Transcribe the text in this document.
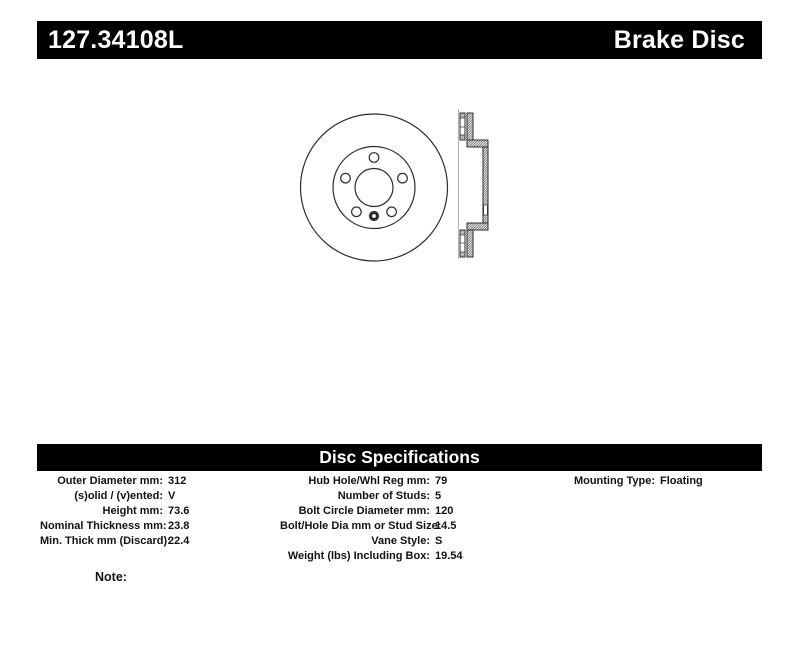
127.34108L	Brake Disc
Disc Specifications
Outer Diameter mm: 312
(s)olid / (v)ented: V
Height mm: 73.6
Nominal Thickness mm: 23.8
Min. Thick mm (Discard):
22.4
Hub Hole/Whl Reg mm: 79
Number of Studs: 5
Bolt Circle Diameter mm: 120
Bolt/Hole Dia mm or Stud Size:
14.5
Vane Style: S
Weight (lbs) Including Box: 19.54
Mounting Type: Floating
Note:
